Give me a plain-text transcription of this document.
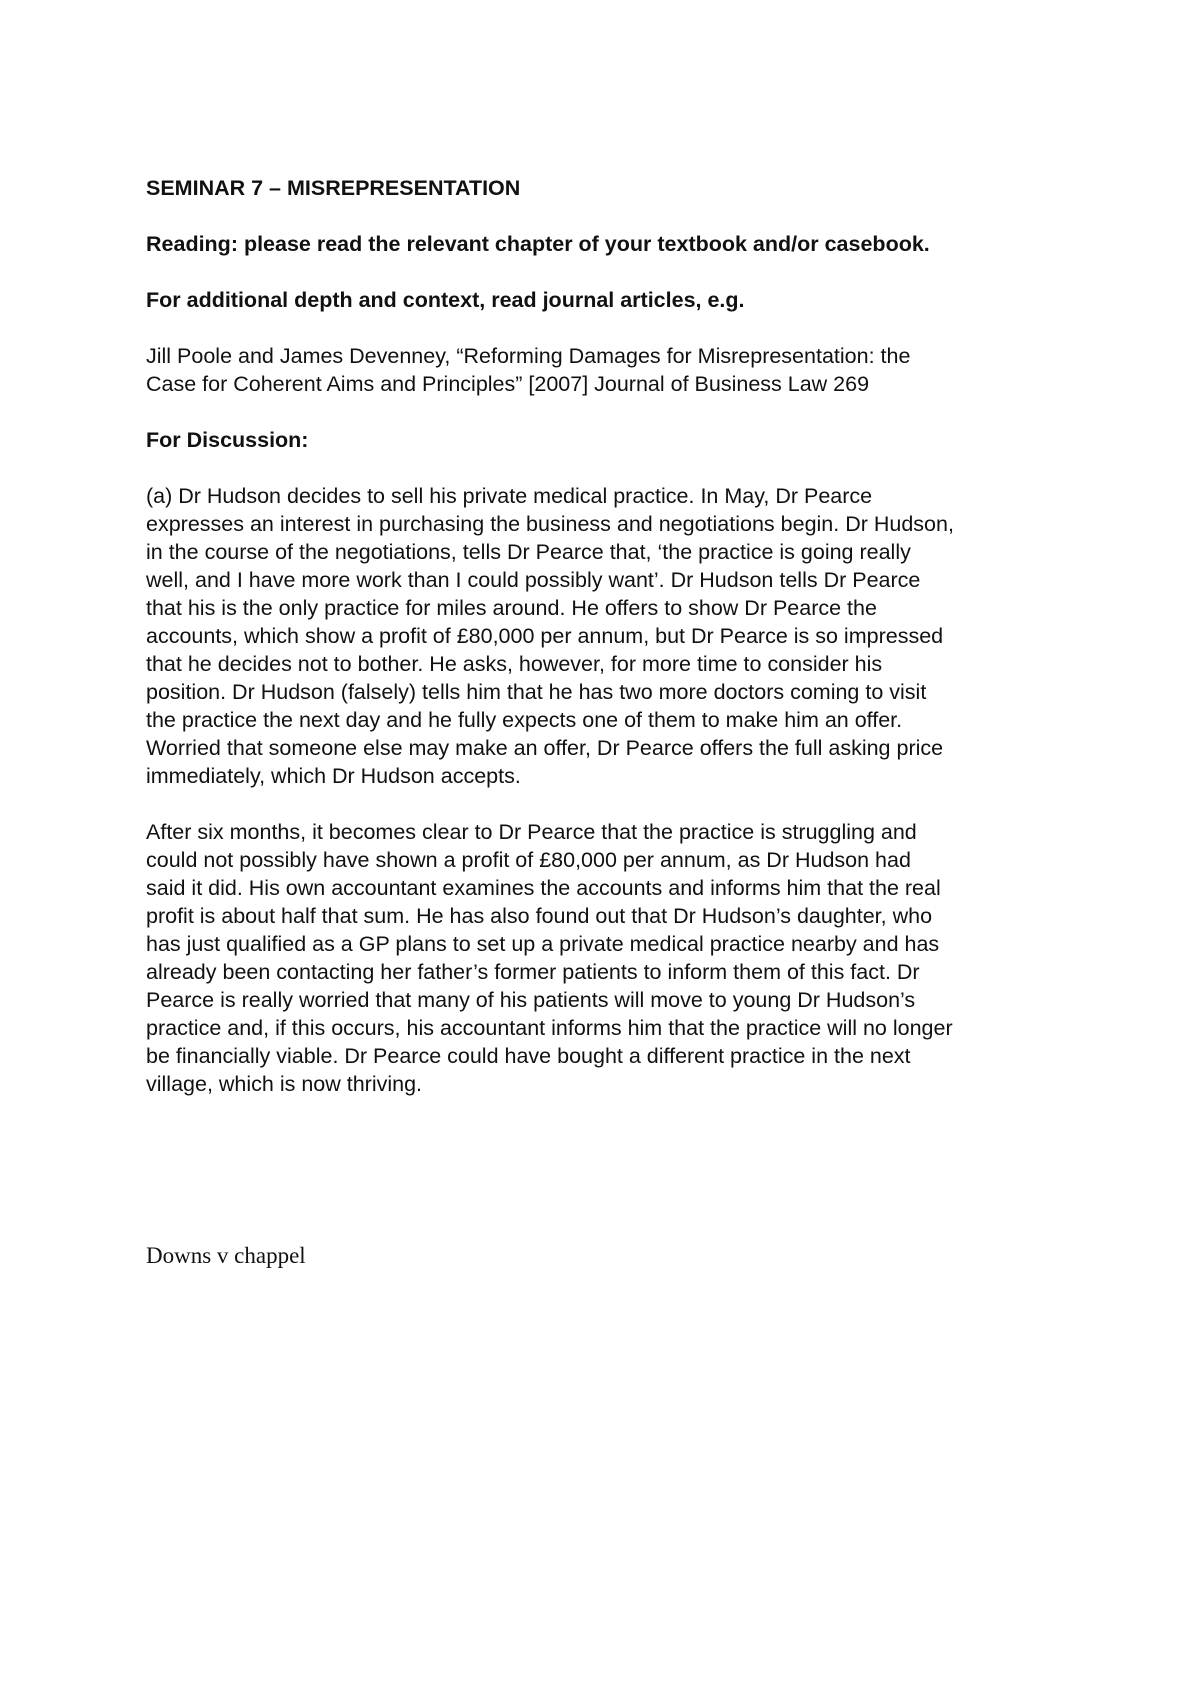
SEMINAR 7 – MISREPRESENTATION

Reading: please read the relevant chapter of your textbook and/or casebook.

For additional depth and context, read journal articles, e.g.

Jill Poole and James Devenney, “Reforming Damages for Misrepresentation: the
Case for Coherent Aims and Principles” [2007] Journal of Business Law 269

For Discussion:

(a) Dr Hudson decides to sell his private medical practice. In May, Dr Pearce
expresses an interest in purchasing the business and negotiations begin. Dr Hudson,
in the course of the negotiations, tells Dr Pearce that, ‘the practice is going really
well, and I have more work than I could possibly want’. Dr Hudson tells Dr Pearce
that his is the only practice for miles around. He offers to show Dr Pearce the
accounts, which show a profit of £80,000 per annum, but Dr Pearce is so impressed
that he decides not to bother. He asks, however, for more time to consider his
position. Dr Hudson (falsely) tells him that he has two more doctors coming to visit
the practice the next day and he fully expects one of them to make him an offer.
Worried that someone else may make an offer, Dr Pearce offers the full asking price
immediately, which Dr Hudson accepts.

After six months, it becomes clear to Dr Pearce that the practice is struggling and
could not possibly have shown a profit of £80,000 per annum, as Dr Hudson had
said it did. His own accountant examines the accounts and informs him that the real
profit is about half that sum. He has also found out that Dr Hudson’s daughter, who
has just qualified as a GP plans to set up a private medical practice nearby and has
already been contacting her father’s former patients to inform them of this fact. Dr
Pearce is really worried that many of his patients will move to young Dr Hudson’s
practice and, if this occurs, his accountant informs him that the practice will no longer
be financially viable. Dr Pearce could have bought a different practice in the next
village, which is now thriving.

Downs v chappel
